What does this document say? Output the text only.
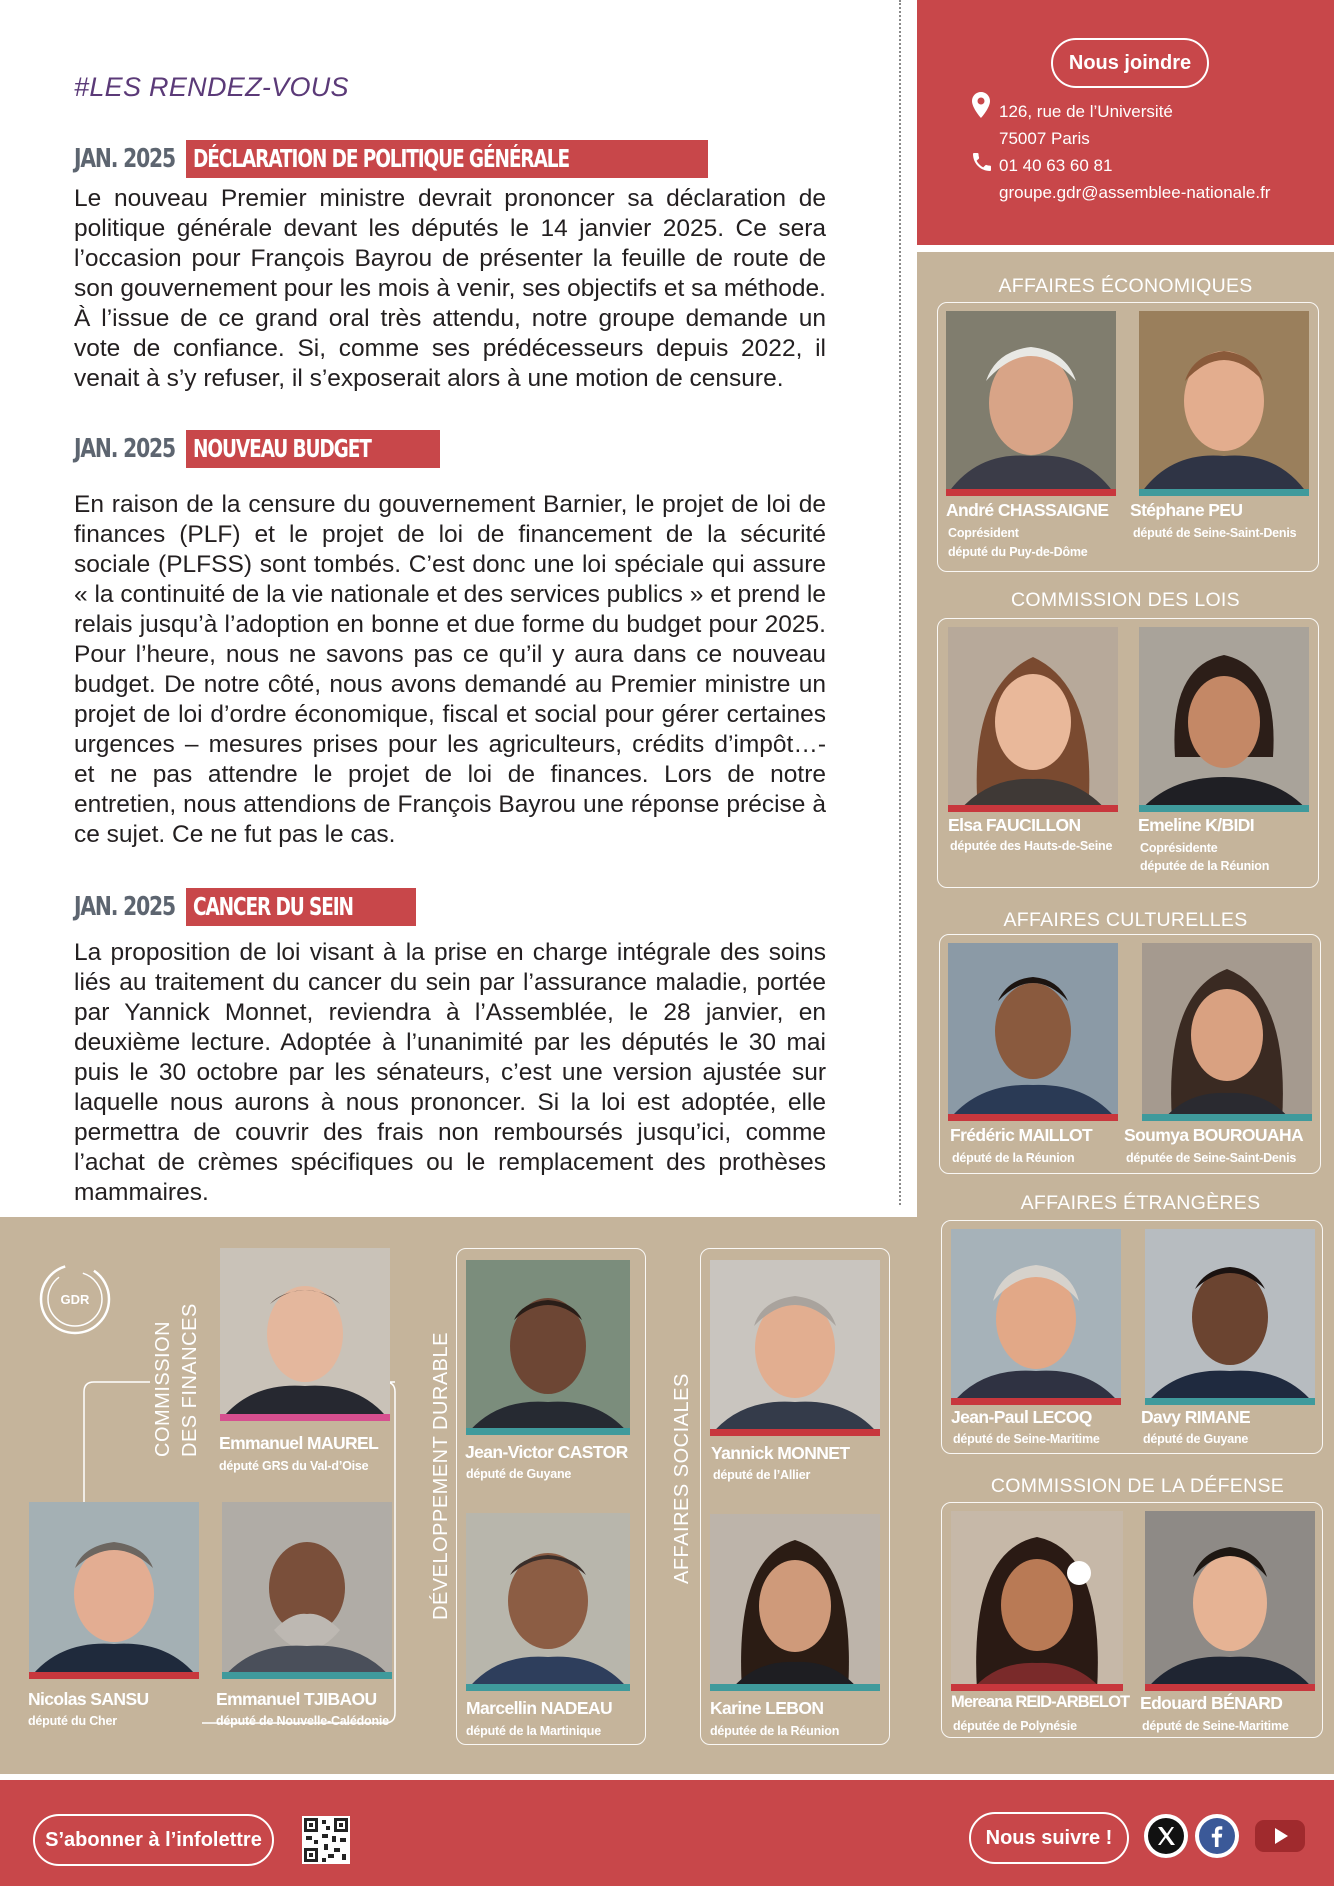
#LES RENDEZ-VOUS
JAN. 2025 DÉCLARATION DE POLITIQUE GÉNÉRALE

Le nouveau Premier ministre devrait prononcer sa déclaration de politique générale devant les députés le 14 janvier 2025. Ce sera l’occasion pour François Bayrou de présenter la feuille de route de son gouvernement pour les mois à venir, ses objectifs et sa méthode. À l’issue de ce grand oral très attendu, notre groupe demande un vote de confiance. Si, comme ses prédécesseurs depuis 2022, il venait à s’y refuser, il s’exposerait alors à une motion de censure.

JAN. 2025 NOUVEAU BUDGET

En raison de la censure du gouvernement Barnier, le projet de loi de finances (PLF) et le projet de loi de financement de la sécurité sociale (PLFSS) sont tombés. C’est donc une loi spéciale qui assure « la continuité de la vie nationale et des services publics » et prend le relais jusqu’à l’adoption en bonne et due forme du budget pour 2025. Pour l’heure, nous ne savons pas ce qu’il y aura dans ce nouveau budget. De notre côté, nous avons demandé au Premier ministre un projet de loi d’ordre économique, fiscal et social pour gérer certaines urgences – mesures prises pour les agriculteurs, crédits d’impôt…- et ne pas attendre le projet de loi de finances. Lors de notre entretien, nous attendions de François Bayrou une réponse précise à ce sujet. Ce ne fut pas le cas.

JAN. 2025 CANCER DU SEIN

La proposition de loi visant à la prise en charge intégrale des soins liés au traitement du cancer du sein par l’assurance maladie, portée par Yannick Monnet, reviendra à l’Assemblée, le 28 janvier, en deuxième lecture. Adoptée à l’unanimité par les députés le 30 mai puis le 30 octobre par les sénateurs, c’est une version ajustée sur laquelle nous aurons à nous prononcer. Si la loi est adoptée, elle permettra de couvrir des frais non remboursés jusqu’ici, comme l’achat de crèmes spécifiques ou le remplacement des prothèses mammaires.

Nous joindre
126, rue de l’Université
75007 Paris
01 40 63 60 81
groupe.gdr@assemblee-nationale.fr
AFFAIRES ÉCONOMIQUES
André CHASSAIGNE
Coprésident
député du Puy-de-Dôme
Stéphane PEU
député de Seine-Saint-Denis
COMMISSION DES LOIS
Elsa FAUCILLON
députée des Hauts-de-Seine
Emeline K/BIDI
Coprésidente
députée de la Réunion
AFFAIRES CULTURELLES
Frédéric MAILLOT
député de la Réunion
Soumya BOUROUAHA
députée de Seine-Saint-Denis
AFFAIRES ÉTRANGÈRES
Jean-Paul LECOQ
député de Seine-Maritime
Davy RIMANE
député de Guyane
COMMISSION DE LA DÉFENSE
Mereana REID-ARBELOT
députée de Polynésie
Edouard BÉNARD
député de Seine-Maritime
GDR
COMMISSION DES FINANCES Emmanuel MAUREL
député GRS du Val-d’Oise
Nicolas SANSU
député du Cher
Emmanuel TJIBAOU
député de Nouvelle-Calédonie
DÉVELOPPEMENT DURABLE Jean-Victor CASTOR
député de Guyane
Marcellin NADEAU
député de la Martinique
AFFAIRES SOCIALES Yannick MONNET
député de l’Allier
Karine LEBON
députée de la Réunion
S’abonner à l’infolettre	Nous suivre !
